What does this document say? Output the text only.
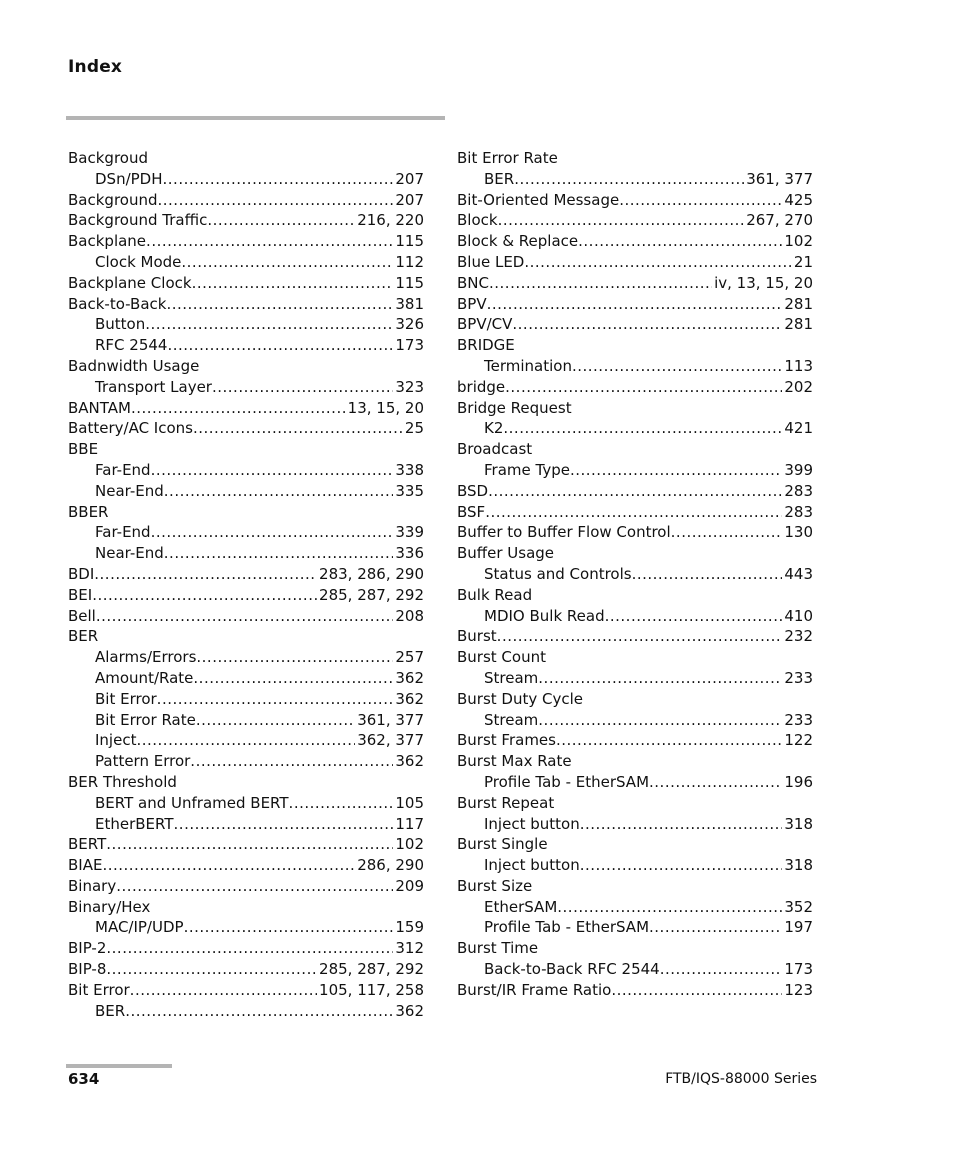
Index
Backgroud
DSn/PDH .....	207
Background .....	207
Background Traffic .....	216, 220
Backplane .....	115
Clock Mode .....	112
Backplane Clock .....	115
Back-to-Back .....	381
Button .....	326
RFC 2544 .....	173
Badnwidth Usage
Transport Layer .....	323
BANTAM .....	13, 15, 20
Battery/AC Icons .....	25
BBE
Far-End .....	338
Near-End .....	335
BBER
Far-End .....	339
Near-End .....	336
BDI .....	283, 286, 290
BEI .....	285, 287, 292
Bell .....	208
BER
Alarms/Errors .....	257
Amount/Rate .....	362
Bit Error .....	362
Bit Error Rate .....	361, 377
Inject .....	362, 377
Pattern Error .....	362
BER Threshold
BERT and Unframed BERT .....	105
EtherBERT .....	117
BERT .....	102
BIAE .....	286, 290
Binary .....	209
Binary/Hex
MAC/IP/UDP .....	159
BIP-2 .....	312
BIP-8 .....	285, 287, 292
Bit Error .....	105, 117, 258
BER .....	362
Bit Error Rate
BER .....	361, 377
Bit-Oriented Message .....	425
Block .....	267, 270
Block & Replace .....	102
Blue LED .....	21
BNC .....	iv, 13, 15, 20
BPV .....	281
BPV/CV .....	281
BRIDGE
Termination .....	113
bridge .....	202
Bridge Request
K2 .....	421
Broadcast
Frame Type .....	399
BSD .....	283
BSF .....	283
Buffer to Buffer Flow Control .....	130
Buffer Usage
Status and Controls .....	443
Bulk Read
MDIO Bulk Read .....	410
Burst .....	232
Burst Count
Stream .....	233
Burst Duty Cycle
Stream .....	233
Burst Frames .....	122
Burst Max Rate
Profile Tab - EtherSAM .....	196
Burst Repeat
Inject button .....	318
Burst Single
Inject button .....	318
Burst Size
EtherSAM .....	352
Profile Tab - EtherSAM .....	197
Burst Time
Back-to-Back RFC 2544 .....	173
Burst/IR Frame Ratio .....	123
634	FTB/IQS-88000 Series
